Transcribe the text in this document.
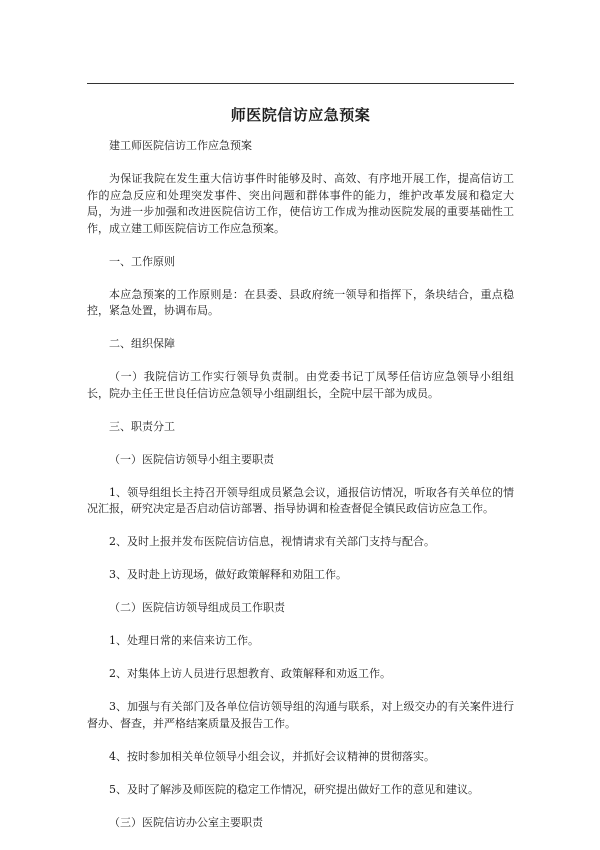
师医院信访应急预案

建工师医院信访工作应急预案

为保证我院在发生重大信访事件时能够及时、高效、有序地开展工作，提高信访工作的应急反应和处理突发事件、突出问题和群体事件的能力，维护改革发展和稳定大局，为进一步加强和改进医院信访工作，使信访工作成为推动医院发展的重要基础性工作，成立建工师医院信访工作应急预案。

一、工作原则

本应急预案的工作原则是：在县委、县政府统一领导和指挥下，条块结合，重点稳控，紧急处置，协调布局。

二、组织保障

（一）我院信访工作实行领导负责制。由党委书记丁凤琴任信访应急领导小组组长，院办主任王世良任信访应急领导小组副组长，全院中层干部为成员。

三、职责分工

（一）医院信访领导小组主要职责

1、领导组组长主持召开领导组成员紧急会议，通报信访情况，听取各有关单位的情况汇报，研究决定是否启动信访部署、指导协调和检查督促全镇民政信访应急工作。

2、及时上报并发布医院信访信息，视情请求有关部门支持与配合。

3、及时赴上访现场，做好政策解释和劝阻工作。

（二）医院信访领导组成员工作职责

1、处理日常的来信来访工作。

2、对集体上访人员进行思想教育、政策解释和劝返工作。

3、加强与有关部门及各单位信访领导组的沟通与联系，对上级交办的有关案件进行督办、督查，并严格结案质量及报告工作。

4、按时参加相关单位领导小组会议，并抓好会议精神的贯彻落实。

5、及时了解涉及师医院的稳定工作情况，研究提出做好工作的意见和建议。

（三）医院信访办公室主要职责
